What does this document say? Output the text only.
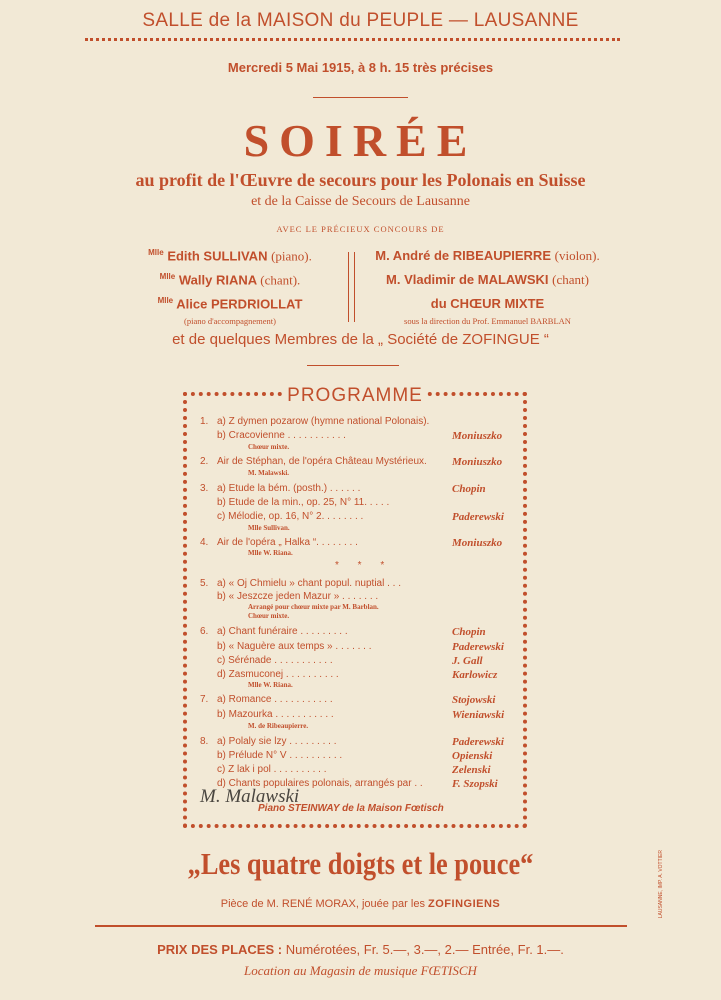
SALLE de la MAISON du PEUPLE — LAUSANNE
Mercredi 5 Mai 1915, à 8 h. 15 très précises
SOIRÉE
au profit de l'Œuvre de secours pour les Polonais en Suisse
et de la Caisse de Secours de Lausanne
AVEC LE PRÉCIEUX CONCOURS DE
$^{Mlle}$ Edith SULLIVAN (piano).
$^{Mlle}$ Wally RIANA (chant).
$^{Mlle}$ Alice PERDRIOLLAT
(piano d'accompagnement)
M. André de RIBEAUPIERRE (violon).
M. Vladimir de MALAWSKI (chant)
du CHŒUR MIXTE
sous la direction du Prof. Emmanuel BARBLAN
et de quelques Membres de la „ Société de ZOFINGUE “
PROGRAMME
1. a) Z dymen pozarow (hymne national Polonais).
b) Cracovienne . . . . . . . . . . .	Moniuszko
Chœur mixte.
2. Air de Stéphan, de l'opéra Château Mystérieux. Moniuszko
M. Malawski.
3. a) Etude la bém. (posth.) . . . . . .	Chopin
b) Etude de la min., op. 25, N° 11. . . . .
c) Mélodie, op. 16, N° 2. . . . . . . .	Paderewski
Mlle Sullivan.
4. Air de l'opéra „ Halka “. . . . . . . .	Moniuszko
Mlle W. Riana.
5. a) « Oj Chmielu » chant popul. nuptial . . .
b) « Jeszcze jeden Mazur » . . . . . . .
Arrangé pour chœur mixte par M. Barblan.
Chœur mixte.
6. a) Chant funéraire . . . . . . . . .	Chopin
b) « Naguère aux temps » . . . . . . .	Paderewski
c) Sérénade . . . . . . . . . . .	J. Gall
d) Zasmuconej . . . . . . . . . .	Karlowicz
Mlle W. Riana.
7. a) Romance . . . . . . . . . . .	Stojowski
b) Mazourka . . . . . . . . . . .	Wieniawski
M. de Ribeaupierre.
8. a) Polaly sie lzy . . . . . . . . .	Paderewski
b) Prélude N° V . . . . . . . . . .	Opienski
c) Z lak i pol . . . . . . . . . .	Zelenski
d) Chants populaires polonais, arrangés par . .	F. Szopski
* * *
M. Malawski
Piano STEINWAY de la Maison Fœtisch
„Les quatre doigts et le pouce“
Pièce de M. RENÉ MORAX, jouée par les ZOFINGIENS
PRIX DES PLACES : Numérotées, Fr. 5.—, 3.—, 2.— Entrée, Fr. 1.—.
Location au Magasin de musique FŒTISCH
LAUSANNE, IMP. A. VOTTIER
